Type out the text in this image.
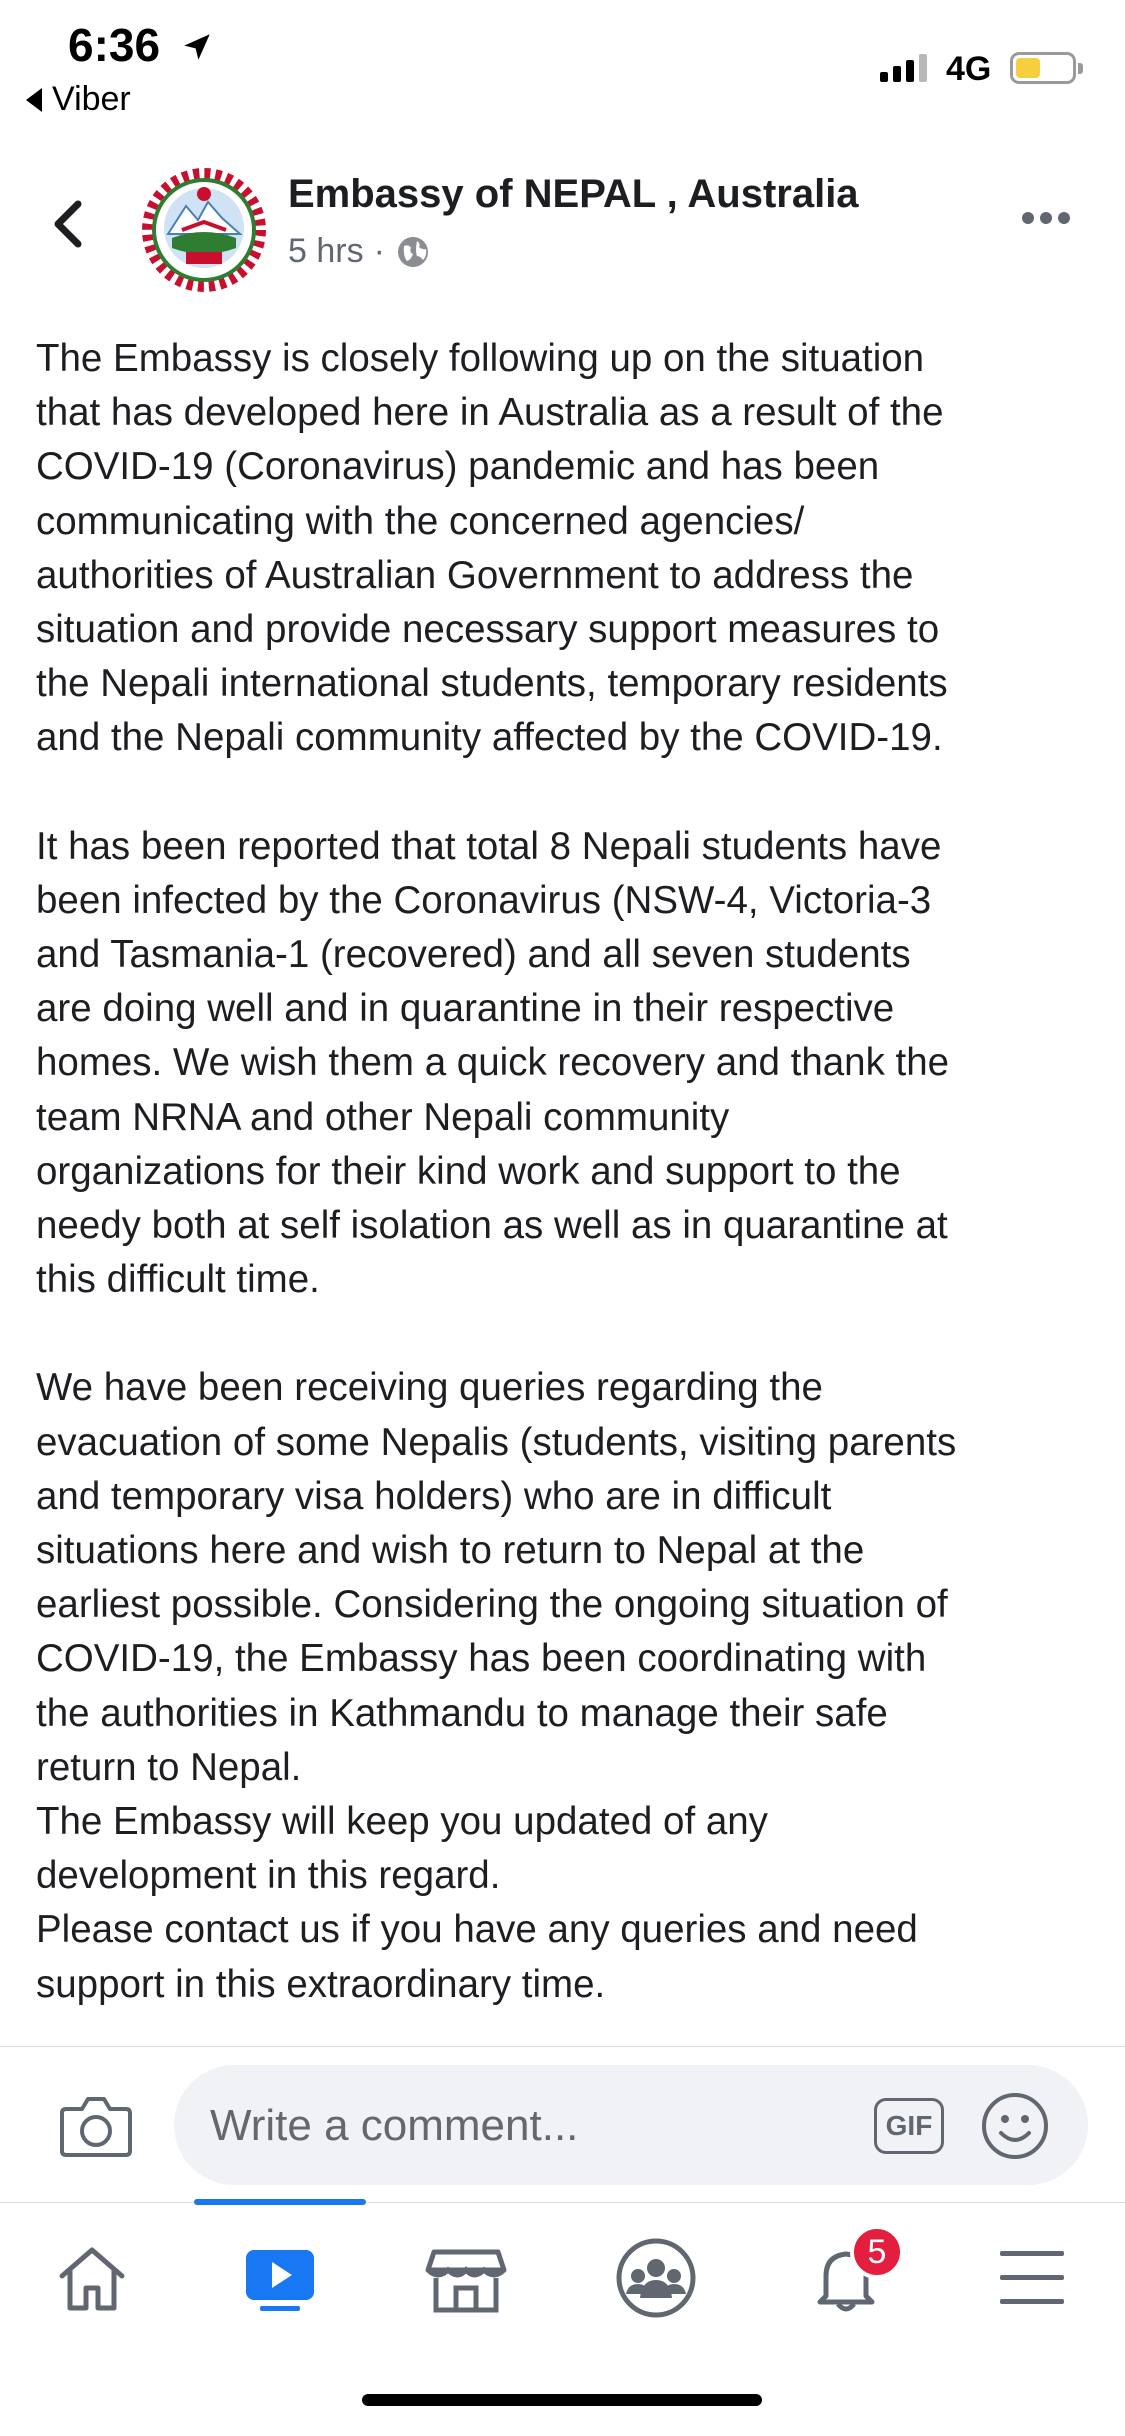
6:36
Viber
4G
Embassy of NEPAL , Australia
5 hrs ·

The Embassy is closely following up on the situation
that has developed here in Australia as a result of the
COVID-19 (Coronavirus) pandemic and has been
communicating with the concerned agencies/
authorities of Australian Government to address the
situation and provide necessary support measures to
the Nepali international students, temporary residents
and the Nepali community affected by the COVID-19.

It has been reported that total 8 Nepali students have
been infected by the Coronavirus (NSW-4, Victoria-3
and Tasmania-1 (recovered) and all seven students
are doing well and in quarantine in their respective
homes. We wish them a quick recovery and thank the
team NRNA and other Nepali community
organizations for their kind work and support to the
needy both at self isolation as well as in quarantine at
this difficult time.

We have been receiving queries regarding the
evacuation of some Nepalis (students, visiting parents
and temporary visa holders) who are in difficult
situations here and wish to return to Nepal at the
earliest possible. Considering the ongoing situation of
COVID-19, the Embassy has been coordinating with
the authorities in Kathmandu to manage their safe
return to Nepal.
The Embassy will keep you updated of any
development in this regard.
Please contact us if you have any queries and need
support in this extraordinary time.

Write a comment...	GIF
5
